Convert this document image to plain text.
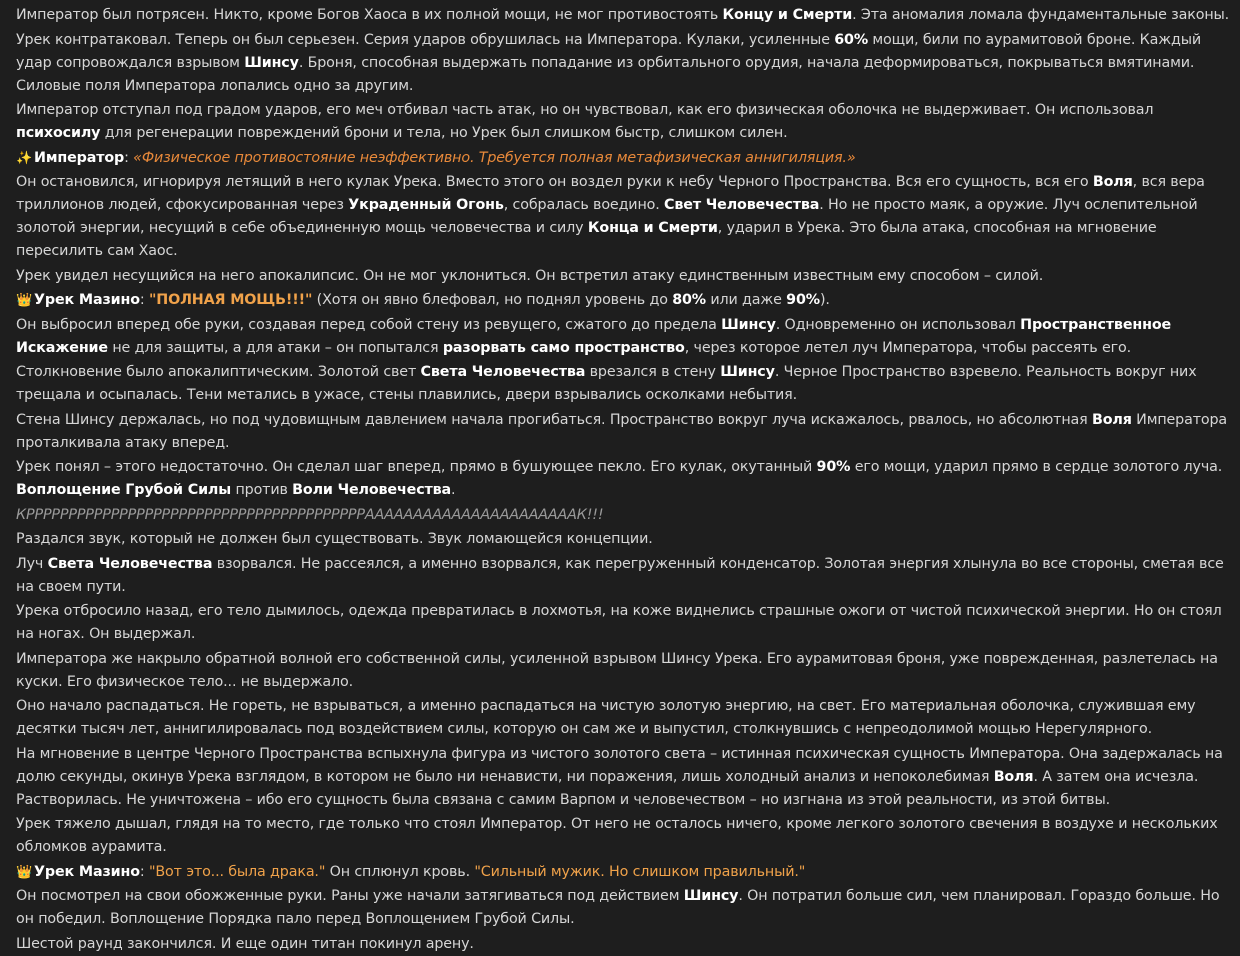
Император был потрясен. Никто, кроме Богов Хаоса в их полной мощи, не мог противостоять Концу и Смерти. Эта аномалия ломала фундаментальные законы.
Урек контратаковал. Теперь он был серьезен. Серия ударов обрушилась на Императора. Кулаки, усиленные 60% мощи, били по аурамитовой броне. Каждый удар сопровождался взрывом Шинсу. Броня, способная выдержать попадание из орбитального орудия, начала деформироваться, покрываться вмятинами. Силовые поля Императора лопались одно за другим.
Император отступал под градом ударов, его меч отбивал часть атак, но он чувствовал, как его физическая оболочка не выдерживает. Он использовал психосилу для регенерации повреждений брони и тела, но Урек был слишком быстр, слишком силен.
✨Император: «Физическое противостояние неэффективно. Требуется полная метафизическая аннигиляция.»
Он остановился, игнорируя летящий в него кулак Урека. Вместо этого он воздел руки к небу Черного Пространства. Вся его сущность, вся его Воля, вся вера триллионов людей, сфокусированная через Украденный Огонь, собралась воедино. Свет Человечества. Но не просто маяк, а оружие. Луч ослепительной золотой энергии, несущий в себе объединенную мощь человечества и силу Конца и Смерти, ударил в Урека. Это была атака, способная на мгновение пересилить сам Хаос.
Урек увидел несущийся на него апокалипсис. Он не мог уклониться. Он встретил атаку единственным известным ему способом – силой.
👑Урек Мазино: "ПОЛНАЯ МОЩЬ!!!" (Хотя он явно блефовал, но поднял уровень до 80% или даже 90%).
Он выбросил вперед обе руки, создавая перед собой стену из ревущего, сжатого до предела Шинсу. Одновременно он использовал Пространственное Искажение не для защиты, а для атаки – он попытался разорвать само пространство, через которое летел луч Императора, чтобы рассеять его.
Столкновение было апокалиптическим. Золотой свет Света Человечества врезался в стену Шинсу. Черное Пространство взревело. Реальность вокруг них трещала и осыпалась. Тени метались в ужасе, стены плавились, двери взрывались осколками небытия.
Стена Шинсу держалась, но под чудовищным давлением начала прогибаться. Пространство вокруг луча искажалось, рвалось, но абсолютная Воля Императора проталкивала атаку вперед.
Урек понял – этого недостаточно. Он сделал шаг вперед, прямо в бушующее пекло. Его кулак, окутанный 90% его мощи, ударил прямо в сердце золотого луча. Воплощение Грубой Силы против Воли Человечества.
КРРРРРРРРРРРРРРРРРРРРРРРРРРРРРРРРРРРРРРРРААААААААААААААААААААААК!!!
Раздался звук, который не должен был существовать. Звук ломающейся концепции.
Луч Света Человечества взорвался. Не рассеялся, а именно взорвался, как перегруженный конденсатор. Золотая энергия хлынула во все стороны, сметая все на своем пути.
Урека отбросило назад, его тело дымилось, одежда превратилась в лохмотья, на коже виднелись страшные ожоги от чистой психической энергии. Но он стоял на ногах. Он выдержал.
Императора же накрыло обратной волной его собственной силы, усиленной взрывом Шинсу Урека. Его аурамитовая броня, уже поврежденная, разлетелась на куски. Его физическое тело... не выдержало.
Оно начало распадаться. Не гореть, не взрываться, а именно распадаться на чистую золотую энергию, на свет. Его материальная оболочка, служившая ему десятки тысяч лет, аннигилировалась под воздействием силы, которую он сам же и выпустил, столкнувшись с непреодолимой мощью Нерегулярного.
На мгновение в центре Черного Пространства вспыхнула фигура из чистого золотого света – истинная психическая сущность Императора. Она задержалась на долю секунды, окинув Урека взглядом, в котором не было ни ненависти, ни поражения, лишь холодный анализ и непоколебимая Воля. А затем она исчезла. Растворилась. Не уничтожена – ибо его сущность была связана с самим Варпом и человечеством – но изгнана из этой реальности, из этой битвы.
Урек тяжело дышал, глядя на то место, где только что стоял Император. От него не осталось ничего, кроме легкого золотого свечения в воздухе и нескольких обломков аурамита.
👑Урек Мазино: "Вот это... была драка." Он сплюнул кровь. "Сильный мужик. Но слишком правильный."
Он посмотрел на свои обожженные руки. Раны уже начали затягиваться под действием Шинсу. Он потратил больше сил, чем планировал. Гораздо больше. Но он победил. Воплощение Порядка пало перед Воплощением Грубой Силы.
Шестой раунд закончился. И еще один титан покинул арену.
